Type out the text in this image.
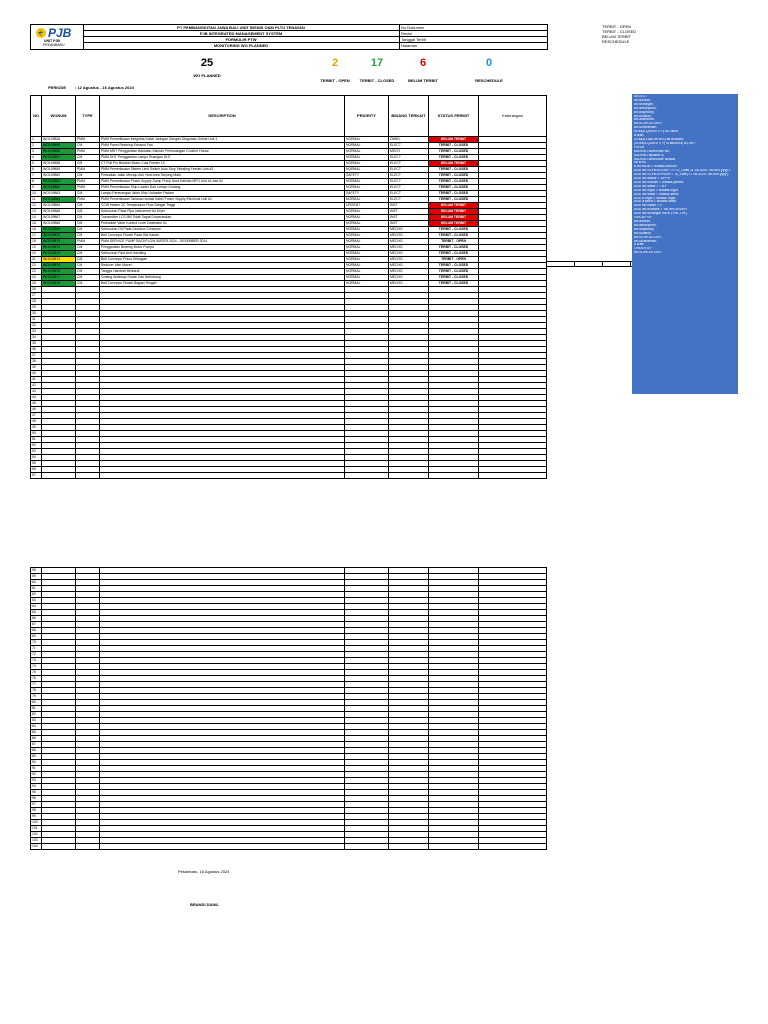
PT PEMBANGKITAN JAWA BALI UNIT BISNIS O&M PLTU TENAYAN
PJB INTEGRATED MANAGEMENT SYSTEM
FORMULIR PTW
MONITORING WO PLANNED
No Dokumen
Revisi
Tanggal Terbit
Halaman
PJB
UNIT PJB
PEKANBARU
TERBIT - OPEN
TERBIT - CLOSED
BELUM TERBIT
RESCHEDULE
25
WO PLANNED
2
TERBIT - OPEN
17
TERBIT - CLOSED
6
BELUM TERBIT
0
RESCHEDULE
PERIODE : 12 Agustus - 16 Agustus 2024
NO	WONUM	TYPE	DESCRIPTION	PRIORITY	BIDANG TERKAIT	STATUS PERMIT	Keterangan
1	WO109826	PMM	PMM Pemeriksaan Integritas Kabel Jaringan Dengan Diagnosis Online Unit 1	NORMAL	OMIEL	BELUM TERBIT	

2	WO109855	CM	PMM Panel Rewiring Exhaust Fan	NORMAL	ELECT	TERBIT - CLOSED	

3	WO109856	PMM	PMM MNT Penggantian Bantalan Saluran Pembuangan Crusher House	NORMAL	MECH	TERBIT - CLOSED	

4	WO109857	CM	PMM DHT Penggantian Lampu Ruangan DHT	NORMAL	ELECT	TERBIT - CLOSED	

5	WO109858	CM	CT Pull Pin Breaker Motor Coal Feeder 1C	NORMAL	ELECT	BELUM TERBIT	

6	WO109859	PMM	PMM Pemeriksaan Sistem Limit Switch Auto Stop Vibrating Feeder Unit #2	NORMAL	ELECT	TERBIT - CLOSED	

7	WO109860	CM	Perbaikan Jalan Menuju Ash Yard Area Tanjung Mabi	SAFETY	ELECT	TERBIT - CLOSED	

8	WO109861	PMM	PMM Pemeriksaan Power Supply Sump Pump Area Kabinet MFO Unit #1 dan #2	NORMAL	ELECT	TERBIT - CLOSED	

9	WO109862	PMM	PMM Pemeriksaan Ship Loader Dan Lampu Gudang	NORMAL	ELECT	TERBIT - CLOSED	

10	WO109863	CM	Lampu Penerangan Jalan Ship Unloader Padam	SAFETY	ELECT	TERBIT - CLOSED	

11	WO109864	PMM	PMM Pemeriksaan Tahanan Isolasi Kabel Power Supply Electrical Unit #1	NORMAL	ELECT	TERBIT - CLOSED	

12	WO109865	CM	CCW Heater 2C Temperature Flow Sangat Tinggi	URGENT	INST	BELUM TERBIT	

13	WO109866	CM	Kebocoran Pada Pipa Instrument Air Dryer	NORMAL	INST	BELUM TERBIT	

14	WO109867	CM	Transmitter LCS Mill Tidak Dapat Dioperasikan	NORMAL	INST	BELUM TERBIT	

15	WO109868	CM	Perbaikan Valve Kontrol Level Deaerator #1	NORMAL	INST	BELUM TERBIT	

16	WO109869	CM	Kebocoran Oli Pada Gearbox Conveyor	NORMAL	MECHG	TERBIT - CLOSED	

17	WO109870	CM	Belt Conveyor Robek Pada Sisi Kanan	NORMAL	MECHG	TERBIT - CLOSED	

18	WO109871	PMM	PMM SERVICE PUMP BACKFLOW WATER 2024 - DESEMBER 2024	NORMAL	MECHG	TERBIT - OPEN	

19	WO109872	CM	Penggantian Bearing Motor Pompa	NORMAL	MECHG	TERBIT - CLOSED	

20	WO109873	CM	Kebocoran Pipa Ash Handling	NORMAL	MECHG	TERBIT - CLOSED	

21	WO109874	CM	Belt Conveyor Putus Sebagian	NORMAL	MECHG	TERBIT - OPEN	

22	WO109875	CM	Reducer Idler Macet	NORMAL	MECHG	TERBIT - CLOSED	

23	WO109876	CM	Tangga Handrail Berkarat	NORMAL	MECHG	TERBIT - CLOSED	

24	WO109877	CM	Grating Walkway Rusak Dan Berlubang	NORMAL	MECHG	TERBIT - CLOSED	

25	WO109878	CM	Belt Conveyor Robek Bagian Tengah	NORMAL	MECHG	TERBIT - CLOSED	

26							
27							
28							
29							
30							
31							
32							
33							
34							
35							
36							
37							
38							
39							
40							
41							
42							
43							
44							
45							
46							
47							
48							
49							
50							
51							
52							
53							
54							
55							
56							
57							
58							
59							
60							
61							
62							
63							
64							
65							
66							
67							
68							
69							
70							
71							
72							
73							
74							
75							
76							
77							
78							
79							
80							
81							
82							
83							
84							
85							
86							
87							
88							
89							
90							
91							
92							
93							
94							
95							
96							
97							
98							
99							
100							
101							
102							
103							
104							
SELECT
wo.wonum,
wo.worktype,
wo.description,
wo.wopriority,
wo.location,
wo.assetnum,
wo.SCHEDSTART,
wo.schedfinish,
SUM(A.QUANTITY) AS labor,
a.craft,
SUM(A.LABORHRS) as duration,
(SUM(A.QUANTITY)*A.laborhrs) AS MH
FROM
MAXIMO.workorder wo,
MAXIMO.wplabor a,
MAXIMO.workorder wotask
WHERE
a.WONUM = wotask.wonum
AND wo.SCHEDSTART >= To_Date('11-08-2024','dd-mm-yyyy')
AND wo.SCHEDFINISH < To_Date('17-08-2024','dd-mm-yyyy')
AND wo.status = 'APPR'
AND wo.wonum = wotask.parent
AND wo.siteid = 'TNY'
AND wo.orgid = wotask.orgid
AND wo.siteid = wotask.siteid
AND a.orgid = wotask.orgid
AND a.siteid = wotask.siteid
AND wo.istask = 0
AND wo.woclass = 'WORKORDER'
AND wo.worktype not in ('PM','OH')
GROUP BY
wo.wonum,
wo.description,
wo.wopriority,
wo.location,
wo.SCHEDSTART,
wo.schedfinish,
a.craft
ORDER BY
wo.SCHEDSTART
Pekanbaru, 16 Agustus 2024
BRANDI DANIL
